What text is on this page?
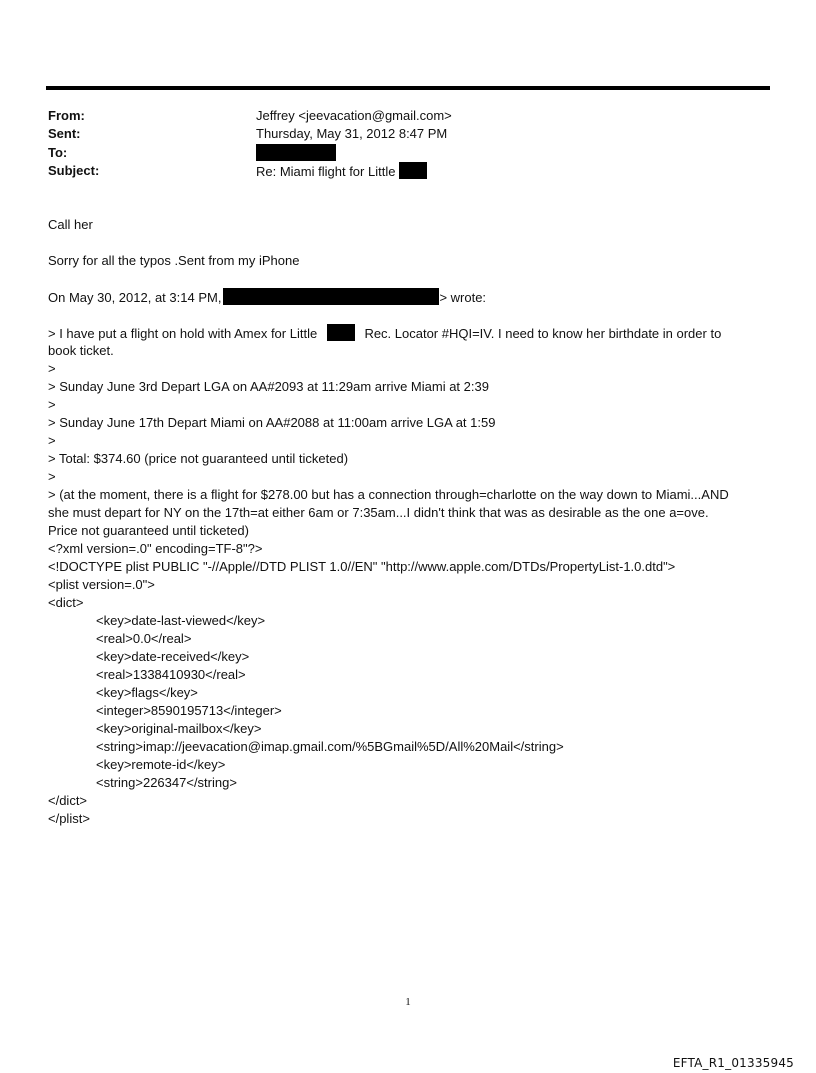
From:
Sent:
To:
Subject:
Jeffrey <jeevacation@gmail.com>
Thursday, May 31, 2012 8:47 PM
Re: Miami flight for Little
Call her
Sorry for all the typos .Sent from my iPhone
On May 30, 2012, at 3:14 PM,	> wrote:
> I have put a flight on hold with Amex for Little	Rec. Locator #HQI=IV. I need to know her birthdate in order to
book ticket.
>
> Sunday June 3rd Depart LGA on AA#2093 at 11:29am arrive Miami at 2:39
>
> Sunday June 17th Depart Miami on AA#2088 at 11:00am arrive LGA at 1:59
>
> Total: $374.60 (price not guaranteed until ticketed)
>
> (at the moment, there is a flight for $278.00 but has a connection through=charlotte on the way down to Miami...AND
she must depart for NY on the 17th=at either 6am or 7:35am...I didn't think that was as desirable as the one a=ove.
Price not guaranteed until ticketed)
<?xml version=.0" encoding=TF-8"?>
<!DOCTYPE plist PUBLIC "-//Apple//DTD PLIST 1.0//EN" "http://www.apple.com/DTDs/PropertyList-1.0.dtd">
<plist version=.0">
<dict>
<key>date-last-viewed</key>
<real>0.0</real>
<key>date-received</key>
<real>1338410930</real>
<key>flags</key>
<integer>8590195713</integer>
<key>original-mailbox</key>
<string>imap://jeevacation@imap.gmail.com/%5BGmail%5D/All%20Mail</string>
<key>remote-id</key>
<string>226347</string>
</dict>
</plist>
1
EFTA_R1_01335945
